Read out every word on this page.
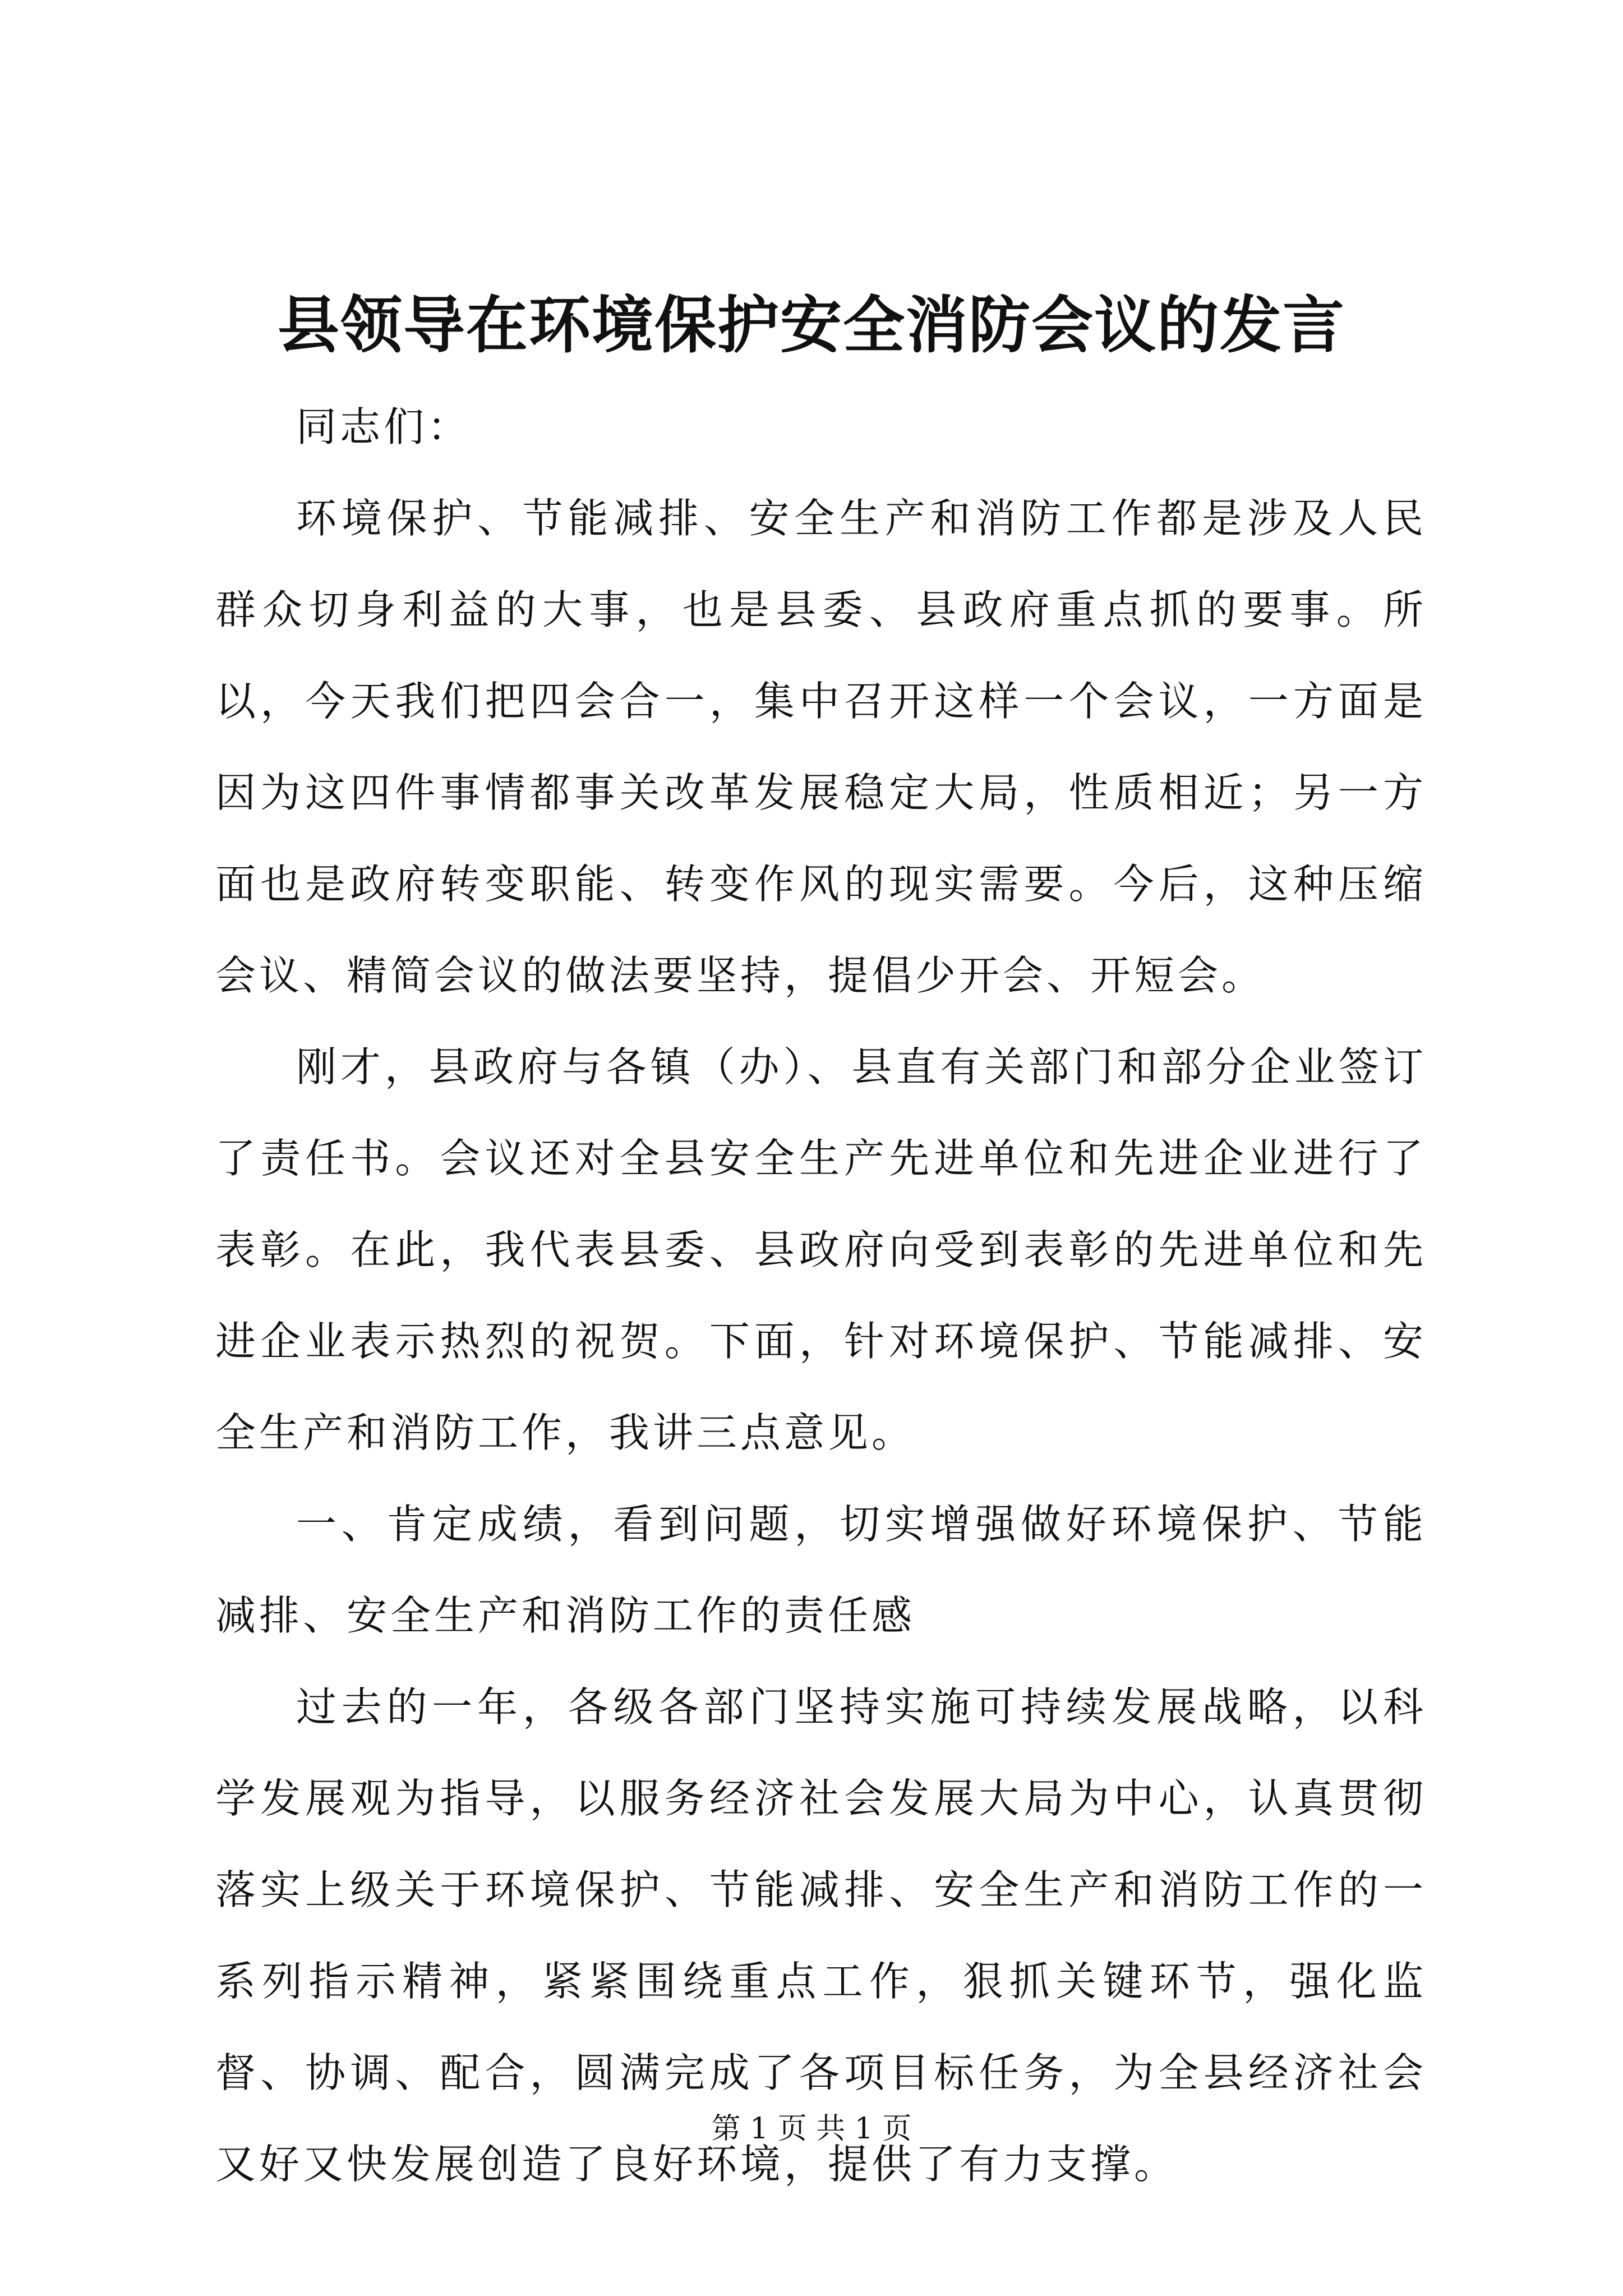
县领导在环境保护安全消防会议的发言

同志们：

环境保护、节能减排、安全生产和消防工作都是涉及人民群众切身利益的大事，也是县委、县政府重点抓的要事。所以，今天我们把四会合一，集中召开这样一个会议，一方面是因为这四件事情都事关改革发展稳定大局，性质相近；另一方面也是政府转变职能、转变作风的现实需要。今后，这种压缩会议、精简会议的做法要坚持，提倡少开会、开短会。

刚才，县政府与各镇（办）、县直有关部门和部分企业签订了责任书。会议还对全县安全生产先进单位和先进企业进行了表彰。在此，我代表县委、县政府向受到表彰的先进单位和先进企业表示热烈的祝贺。下面，针对环境保护、节能减排、安全生产和消防工作，我讲三点意见。

一、肯定成绩，看到问题，切实增强做好环境保护、节能减排、安全生产和消防工作的责任感

过去的一年，各级各部门坚持实施可持续发展战略，以科学发展观为指导，以服务经济社会发展大局为中心，认真贯彻落实上级关于环境保护、节能减排、安全生产和消防工作的一系列指示精神，紧紧围绕重点工作，狠抓关键环节，强化监督、协调、配合，圆满完成了各项目标任务，为全县经济社会又好又快发展创造了良好环境，提供了有力支撑。

第 1 页 共 1 页
